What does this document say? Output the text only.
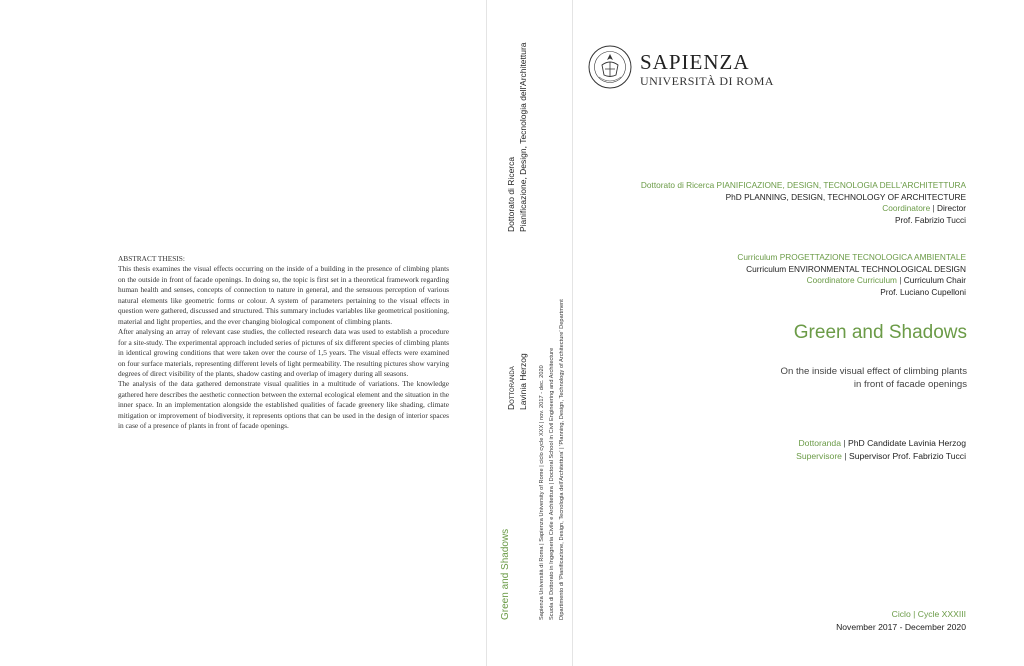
ABSTRACT THESIS:

This thesis examines the visual effects occurring on the inside of a building in the presence of climbing plants on the outside in front of facade openings. In doing so, the topic is first set in a theoretical framework regarding human health and senses, concepts of connection to nature in general, and the sensuous perception of various natural elements like geometric forms or colour. A system of parameters pertaining to the visual effects in question were gathered, discussed and structured. This summary includes variables like geometrical positioning, material and light properties, and the ever changing biological component of climbing plants.

After analysing an array of relevant case studies, the collected research data was used to establish a procedure for a site-study. The experimental approach included series of pictures of six different species of climbing plants in identical growing conditions that were taken over the course of 1,5 years. The visual effects were examined on four surface materials, representing different levels of light permeability. The resulting pictures show varying degrees of direct visibility of the plants, shadow casting and overlap of imagery during all seasons.

The analysis of the data gathered demonstrate visual qualities in a multitude of variations. The knowledge gathered here describes the aesthetic connection between the external ecological element and the situation in the inner space. In an implementation alongside the established qualities of facade greenery like shading, climate mitigation or improvement of biodiversity, it represents options that can be used in the design of interior spaces in case of a presence of plants in front of facade openings.

Dottorato di Ricerca Pianificazione, Design, Tecnologia dell'Architettura
Dottoranda Lavinia Herzog
Green and Shadows	Sapienza Università di Roma | Sapienza University of Rome | ciclo cycle XXX | nov. 2017 - dec. 2020 Scuola di Dottorato in Ingegneria Civile e Architettura | Doctoral School in Civil Engineering and Architecture Dipartimento di 'Pianificazione, Design, Tecnologia dell'Architettura' | 'Planning, Design, Technology of Architecture' Department
SAPIENZA
UNIVERSITÀ DI ROMA
Dottorato di Ricerca PIANIFICAZIONE, DESIGN, TECNOLOGIA DELL'ARCHITETTURA
PhD PLANNING, DESIGN, TECHNOLOGY OF ARCHITECTURE
Coordinatore | Director
Prof. Fabrizio Tucci
Curriculum PROGETTAZIONE TECNOLOGICA AMBIENTALE
Curriculum ENVIRONMENTAL TECHNOLOGICAL DESIGN
Coordinatore Curriculum | Curriculum Chair
Prof. Luciano Cupelloni
Green and Shadows
On the inside visual effect of climbing plants
in front of facade openings
Dottoranda | PhD Candidate Lavinia Herzog
Supervisore | Supervisor Prof. Fabrizio Tucci
Ciclo | Cycle XXXIII
November 2017 - December 2020
